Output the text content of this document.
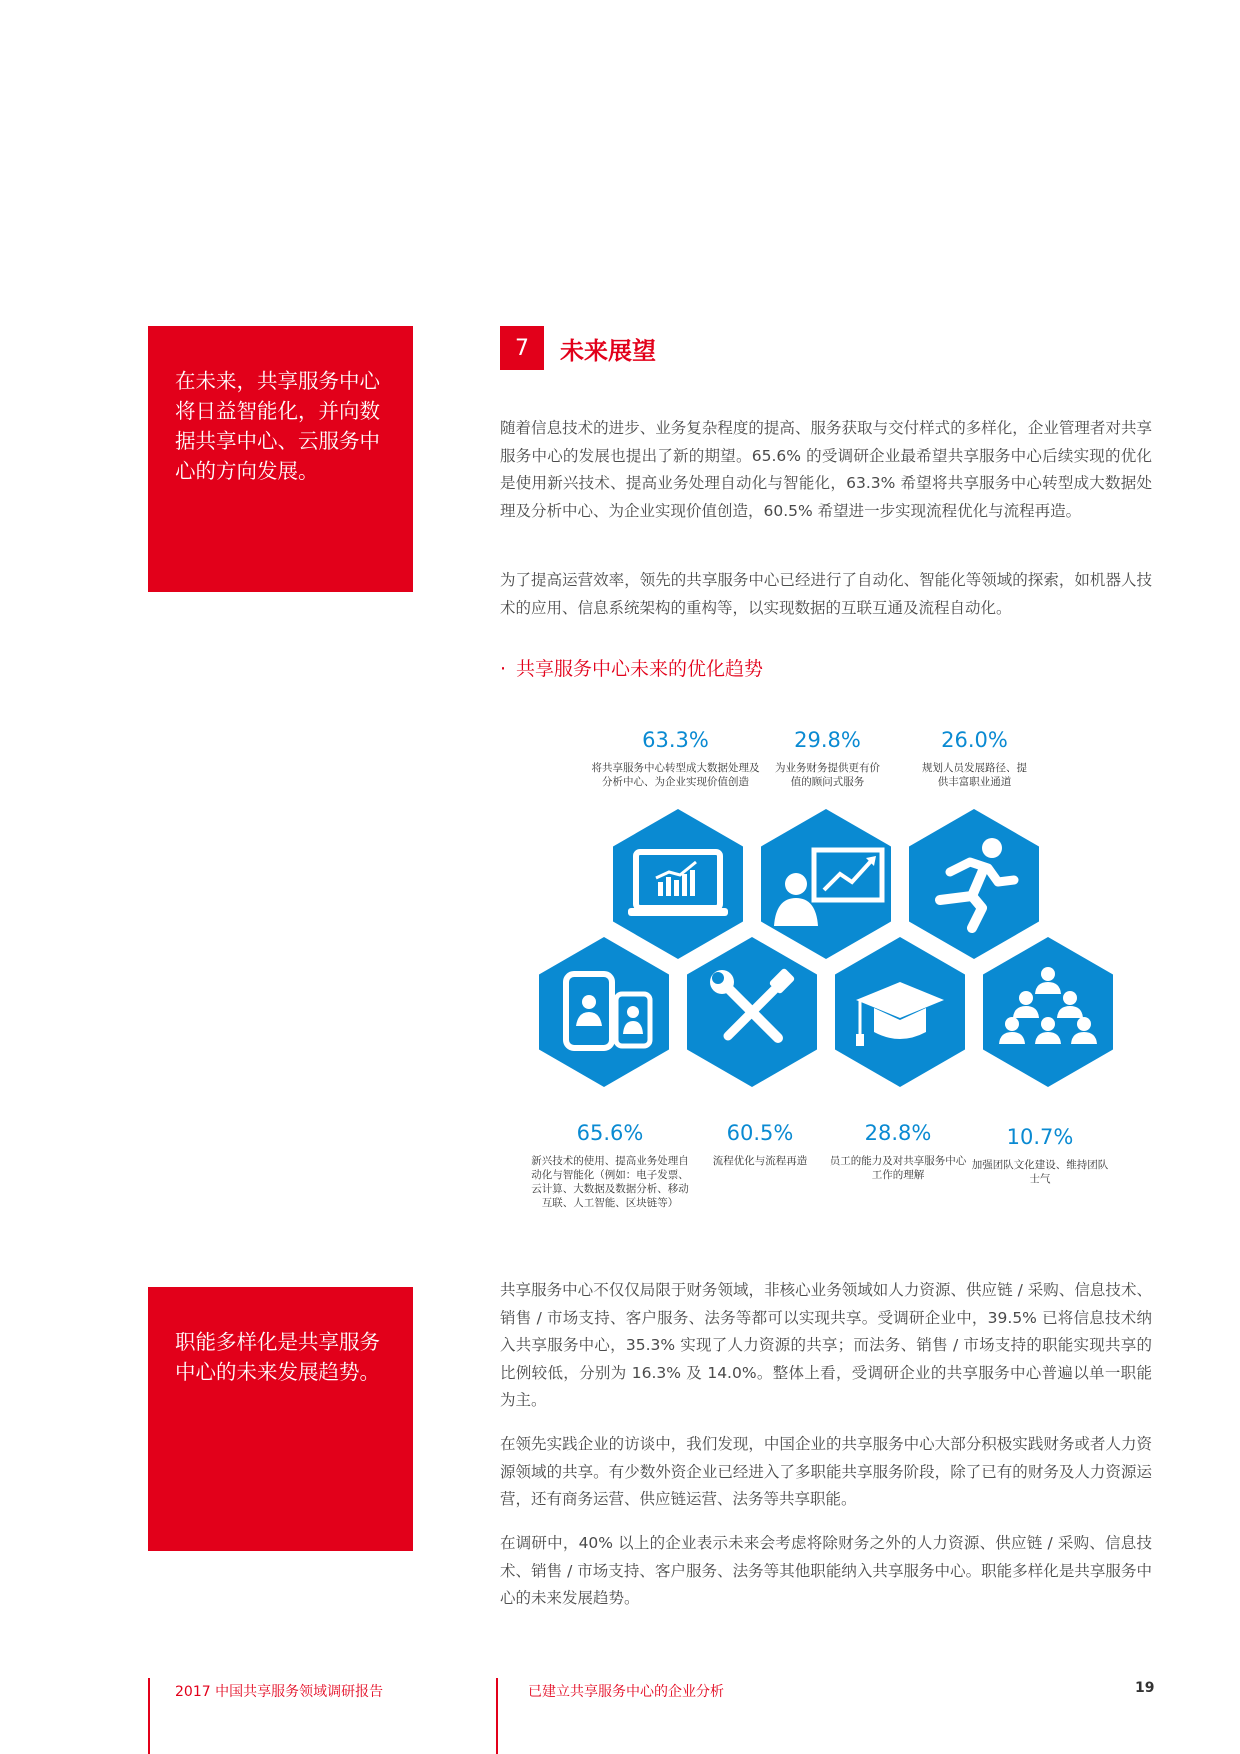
在未来，共享服务中心将日益智能化，并向数据共享中心、云服务中心的方向发展。
7	未来展望

随着信息技术的进步、业务复杂程度的提高、服务获取与交付样式的多样化，企业管理者对共享服务中心的发展也提出了新的期望。65.6% 的受调研企业最希望共享服务中心后续实现的优化是使用新兴技术、提高业务处理自动化与智能化，63.3% 希望将共享服务中心转型成大数据处理及分析中心、为企业实现价值创造，60.5% 希望进一步实现流程优化与流程再造。

为了提高运营效率，领先的共享服务中心已经进行了自动化、智能化等领域的探索，如机器人技术的应用、信息系统架构的重构等，以实现数据的互联互通及流程自动化。

· 共享服务中心未来的优化趋势
63.3%
将共享服务中心转型成大数据处理及分析中心、为企业实现价值创造
29.8%
为业务财务提供更有价值的顾问式服务
26.0%
规划人员发展路径、提供丰富职业通道
65.6%
新兴技术的使用、提高业务处理自动化与智能化（例如：电子发票、云计算、大数据及数据分析、移动互联、人工智能、区块链等）
60.5%
流程优化与流程再造
28.8%
员工的能力及对共享服务中心工作的理解
10.7%
加强团队文化建设、维持团队士气
职能多样化是共享服务中心的未来发展趋势。

共享服务中心不仅仅局限于财务领域，非核心业务领域如人力资源、供应链 / 采购、信息技术、销售 / 市场支持、客户服务、法务等都可以实现共享。受调研企业中，39.5% 已将信息技术纳入共享服务中心，35.3% 实现了人力资源的共享；而法务、销售 / 市场支持的职能实现共享的比例较低，分别为 16.3% 及 14.0%。整体上看，受调研企业的共享服务中心普遍以单一职能为主。

在领先实践企业的访谈中，我们发现，中国企业的共享服务中心大部分积极实践财务或者人力资源领域的共享。有少数外资企业已经进入了多职能共享服务阶段，除了已有的财务及人力资源运营，还有商务运营、供应链运营、法务等共享职能。

在调研中，40% 以上的企业表示未来会考虑将除财务之外的人力资源、供应链 / 采购、信息技术、销售 / 市场支持、客户服务、法务等其他职能纳入共享服务中心。职能多样化是共享服务中心的未来发展趋势。

2017 中国共享服务领域调研报告	已建立共享服务中心的企业分析	19
